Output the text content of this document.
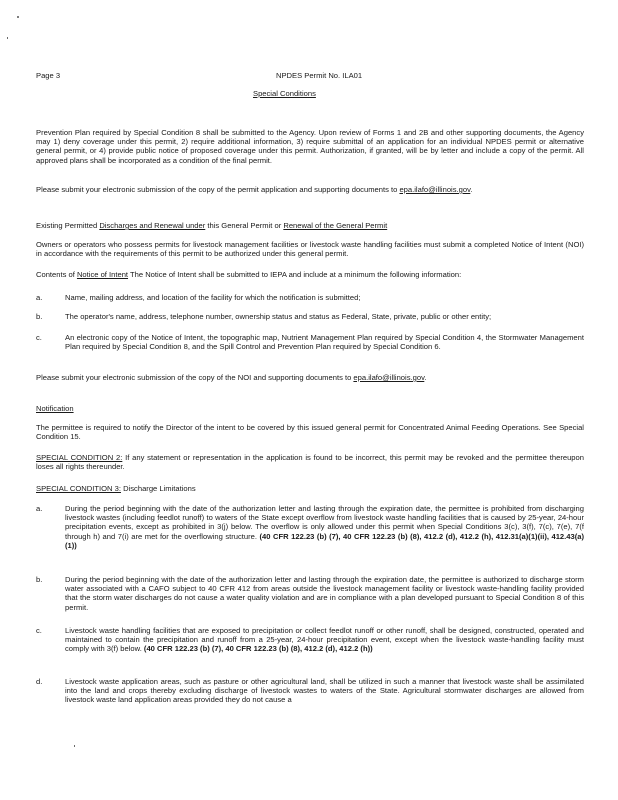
Page 3	NPDES Permit No. ILA01
Special Conditions

Prevention Plan required by Special Condition 8 shall be submitted to the Agency. Upon review of Forms 1 and 2B and other supporting documents, the Agency may 1) deny coverage under this permit, 2) require additional information, 3) require submittal of an application for an individual NPDES permit or alternative general permit, or 4) provide public notice of proposed coverage under this permit. Authorization, if granted, will be by letter and include a copy of the permit. All approved plans shall be incorporated as a condition of the final permit.

Please submit your electronic submission of the copy of the permit application and supporting documents to epa.ilafo@illinois.gov.

Existing Permitted Discharges and Renewal under this General Permit or Renewal of the General Permit

Owners or operators who possess permits for livestock management facilities or livestock waste handling facilities must submit a completed Notice of Intent (NOI) in accordance with the requirements of this permit to be authorized under this general permit.

Contents of Notice of Intent The Notice of Intent shall be submitted to IEPA and include at a minimum the following information:
a.	Name, mailing address, and location of the facility for which the notification is submitted;
b.	The operator's name, address, telephone number, ownership status and status as Federal, State, private, public or other entity;
c.	An electronic copy of the Notice of Intent, the topographic map, Nutrient Management Plan required by Special Condition 4, the Stormwater Management Plan required by Special Condition 8, and the Spill Control and Prevention Plan required by Special Condition 6.
Please submit your electronic submission of the copy of the NOI and supporting documents to epa.ilafo@illinois.gov.
Notification

The permittee is required to notify the Director of the intent to be covered by this issued general permit for Concentrated Animal Feeding Operations. See Special Condition 15.

SPECIAL CONDITION 2: If any statement or representation in the application is found to be incorrect, this permit may be revoked and the permittee thereupon loses all rights thereunder.

SPECIAL CONDITION 3: Discharge Limitations
a.	During the period beginning with the date of the authorization letter and lasting through the expiration date, the permittee is prohibited from discharging livestock wastes (including feedlot runoff) to waters of the State except overflow from livestock waste handling facilities that is caused by 25-year, 24-hour precipitation events, except as prohibited in 3(j) below. The overflow is only allowed under this permit when Special Conditions 3(c), 3(f), 7(c), 7(e), 7(f through h) and 7(i) are met for the overflowing structure. (40 CFR 122.23 (b) (7), 40 CFR 122.23 (b) (8), 412.2 (d), 412.2 (h), 412.31(a)(1)(ii), 412.43(a)(1))
b.	During the period beginning with the date of the authorization letter and lasting through the expiration date, the permittee is authorized to discharge storm water associated with a CAFO subject to 40 CFR 412 from areas outside the livestock management facility or livestock waste-handling facility provided that the storm water discharges do not cause a water quality violation and are in compliance with a plan developed pursuant to Special Condition 8 of this permit.
c.	Livestock waste handling facilities that are exposed to precipitation or collect feedlot runoff or other runoff, shall be designed, constructed, operated and maintained to contain the precipitation and runoff from a 25-year, 24-hour precipitation event, except when the livestock waste-handling facility must comply with 3(f) below. (40 CFR 122.23 (b) (7), 40 CFR 122.23 (b) (8), 412.2 (d), 412.2 (h))
d.	Livestock waste application areas, such as pasture or other agricultural land, shall be utilized in such a manner that livestock waste shall be assimilated into the land and crops thereby excluding discharge of livestock wastes to waters of the State. Agricultural stormwater discharges are allowed from livestock waste land application areas provided they do not cause a
